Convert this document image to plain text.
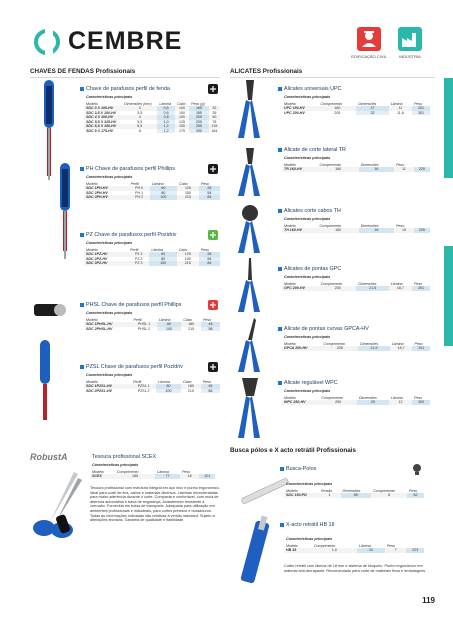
CEMBRE
EDIFICAÇÃO CIVIL	INDÚSTRIA
CHAVES DE FENDAS Profissionais	ALICATES Profissionais
Busca pólos e X acto retrátil Profissionais
Chave de parafusos perfil de fenda
Características principais
Modelo	Dimensões (mm)	Lâmina	Cabo	Peso (g)	
SDC 3 X 100-HV	3	0,5	100	165	32
SDC 3,5 X 100-HV	3,5	0,6	100	165	35
SDC 4 X 100-HV	4	0,8	100	205	50
SDC 5,5 X 125-HV	5,5	1,0	125	230	78
SDC 6,5 X 150-HV	6,5	1,2	150	255	115
SDC 8 X 175-HV	8	1,2	175	290	164
PH Chave de parafusos perfil Phillips
Características principais
Modelo	Perfil	Lâmina	Cabo	Peso
SDC 1PH-HV	PH 0	60	125	28
SDC 2PH-HV	PH 1	80	150	54
SDC 3PH-HV	PH 2	100	215	84
PZ Chave de parafusos perfil Pozidriv
Características principais
Modelo	Perfil	Lâmina	Cabo	Peso
SDC 1PZ-HV	PZ 1	60	125	28
SDC 2PZ-HV	PZ 2	80	150	54
SDC 3PZ-HV	PZ 3	100	215	84
PHSL Chave de parafusos perfil Phillips
Características principais
Modelo	Perfil	Lâmina	Cabo	Peso
SDC 1PHSL-HV	PHSL 1	80	180	45
SDC 2PHSL-HV	PHSL 2	100	215	58
PZSL Chave de parafusos perfil Pozidriv
Características principais
Modelo	Perfil	Lâmina	Cabo	Peso
SDC 1PZSL-HV	PZSL 1	80	180	45
SDC 2PZSL-HV	PZSL 2	100	215	58
RobustA	Tesoura profissional SCEX
Características principais
Modelo	Comprimento	Lâmina	Peso	
SCEX	185	77	18	121
Tesoura profissional com estrutura integral em aço inox e punho ergonómico, ideal para corte de fios, cabos e materiais diversos. Lâminas microdentadas para maior aderência durante o corte. Compacta e confortável, com mola de abertura automática e trava de segurança. Acabamento resistente à corrosão. Fornecida em bolsa de transporte. Adequada para utilização em ambientes profissionais e industriais, para cortes precisos e duradouros. Todas as informações indicadas são relativas à versão standard. Sujeito a alterações técnicas. Garantia de qualidade e fiabilidade.
Alicates universais UPC
Características principais
Modelo	Comprimento	Dimensões	Lâmina	Peso
UPC 180-HV	180	27	11	261
UPC 200-HV	205	32	11,6	301
Alicate de corte lateral TR
Características principais
Modelo	Comprimento	Dimensões	Peso	
TR 160-HV	160	16	11	220
Alicates corte cabos TH
Características principais
Modelo	Comprimento	Dimensões	Peso	
TH 160-HV	160	16	15	205
Alicates de pontas GPC
Características principais
Modelo	Comprimento	Dimensões	Lâmina	Peso
GPC 200-HV	205	21,5	18,7	251
Alicate de pontas curvas GPCA-HV
Características principais
Modelo	Comprimento	Dimensões	Lâmina	Peso
GPCA 200-HV	205	21,5	18,7	251
Alicate regulável WPC
Características principais
Modelo	Comprimento	Dimensões	Lâmina	Peso
WPC 250-HV	250	25	12	300
Busca-Polos
Características principais
Modelo	Tensão	Dimensões	Comprimento	Peso
SDC 150-PD	1	65	8	52
X-acto retrátil HB 18
Características principais
Modelo	Comprimento	Lâmina	Peso	
HB 18	1,0	24	7	223
Cutter retrátil com lâmina de 18 mm e sistema de bloqueio. Punho ergonómico em material anti-derrapante. Recomendado para corte de materiais finos e embalagens.
119
